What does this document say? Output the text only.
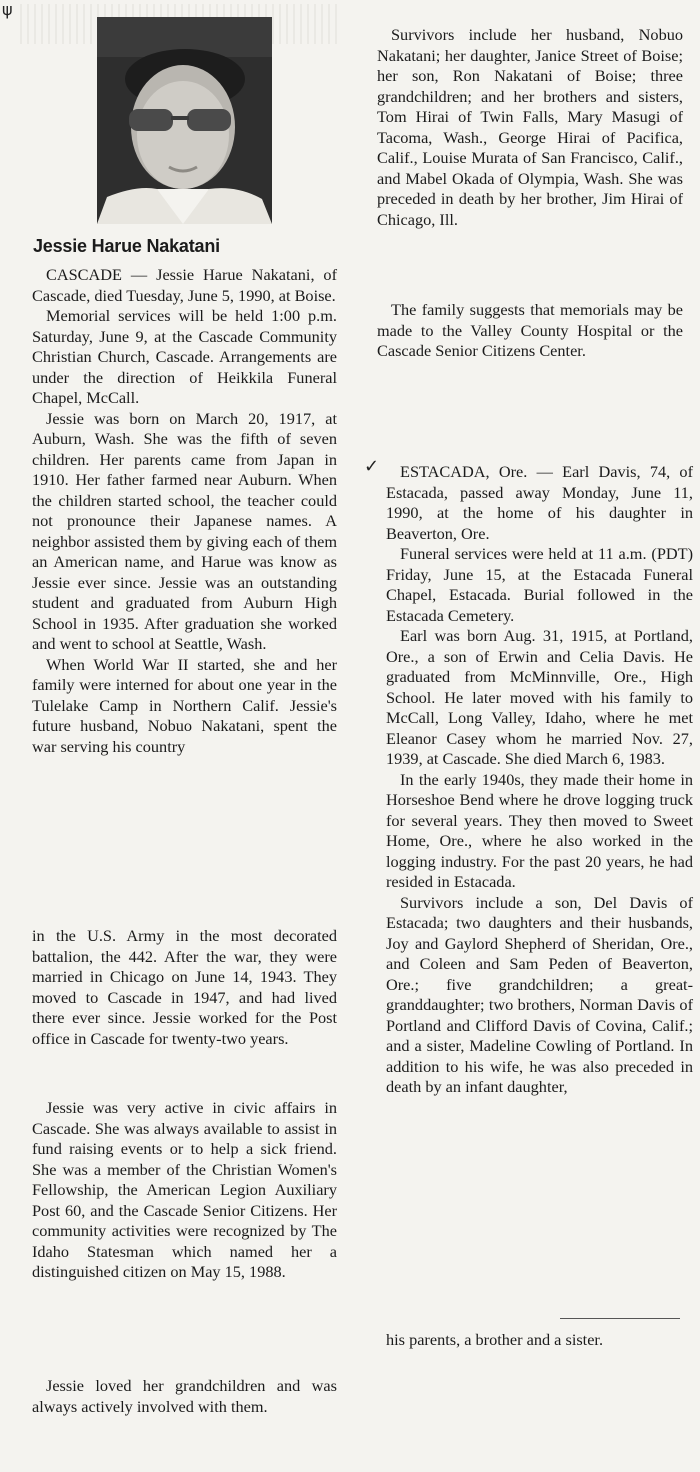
ψ
Jessie Harue Nakatani

CASCADE — Jessie Harue Nakatani, of Cascade, died Tuesday, June 5, 1990, at Boise.

Memorial services will be held 1:00 p.m. Saturday, June 9, at the Cascade Community Christian Church, Cascade. Arrangements are under the direction of Heikkila Funeral Chapel, McCall.

Jessie was born on March 20, 1917, at Auburn, Wash. She was the fifth of seven children. Her parents came from Japan in 1910. Her father farmed near Auburn. When the children started school, the teacher could not pronounce their Japanese names. A neighbor assisted them by giving each of them an American name, and Harue was know as Jessie ever since. Jessie was an outstanding student and graduated from Auburn High School in 1935. After graduation she worked and went to school at Seattle, Wash.

When World War II started, she and her family were interned for about one year in the Tulelake Camp in Northern Calif. Jessie's future husband, Nobuo Nakatani, spent the war serving his country

in the U.S. Army in the most decorated battalion, the 442. After the war, they were married in Chicago on June 14, 1943. They moved to Cascade in 1947, and had lived there ever since. Jessie worked for the Post office in Cascade for twenty-two years.

Jessie was very active in civic affairs in Cascade. She was always available to assist in fund raising events or to help a sick friend. She was a member of the Christian Women's Fellowship, the American Legion Auxiliary Post 60, and the Cascade Senior Citizens. Her community activities were recognized by The Idaho Statesman which named her a distinguished citizen on May 15, 1988.

Jessie loved her grandchildren and was always actively involved with them.

Survivors include her husband, Nobuo Nakatani; her daughter, Janice Street of Boise; her son, Ron Nakatani of Boise; three grandchildren; and her brothers and sisters, Tom Hirai of Twin Falls, Mary Masugi of Tacoma, Wash., George Hirai of Pacifica, Calif., Louise Murata of San Francisco, Calif., and Mabel Okada of Olympia, Wash. She was preceded in death by her brother, Jim Hirai of Chicago, Ill.

The family suggests that memorials may be made to the Valley County Hospital or the Cascade Senior Citizens Center.

✓	ESTACADA, Ore. — Earl Davis, 74, of Estacada, passed away Monday, June 11, 1990, at the home of his daughter in Beaverton, Ore.

Funeral services were held at 11 a.m. (PDT) Friday, June 15, at the Estacada Funeral Chapel, Estacada. Burial followed in the Estacada Cemetery.

Earl was born Aug. 31, 1915, at Portland, Ore., a son of Erwin and Celia Davis. He graduated from McMinnville, Ore., High School. He later moved with his family to McCall, Long Valley, Idaho, where he met Eleanor Casey whom he married Nov. 27, 1939, at Cascade. She died March 6, 1983.

In the early 1940s, they made their home in Horseshoe Bend where he drove logging truck for several years. They then moved to Sweet Home, Ore., where he also worked in the logging industry. For the past 20 years, he had resided in Estacada.

Survivors include a son, Del Davis of Estacada; two daughters and their husbands, Joy and Gaylord Shepherd of Sheridan, Ore., and Coleen and Sam Peden of Beaverton, Ore.; five grandchildren; a great-granddaughter; two brothers, Norman Davis of Portland and Clifford Davis of Covina, Calif.; and a sister, Madeline Cowling of Portland. In addition to his wife, he was also preceded in death by an infant daughter,

his parents, a brother and a sister.
